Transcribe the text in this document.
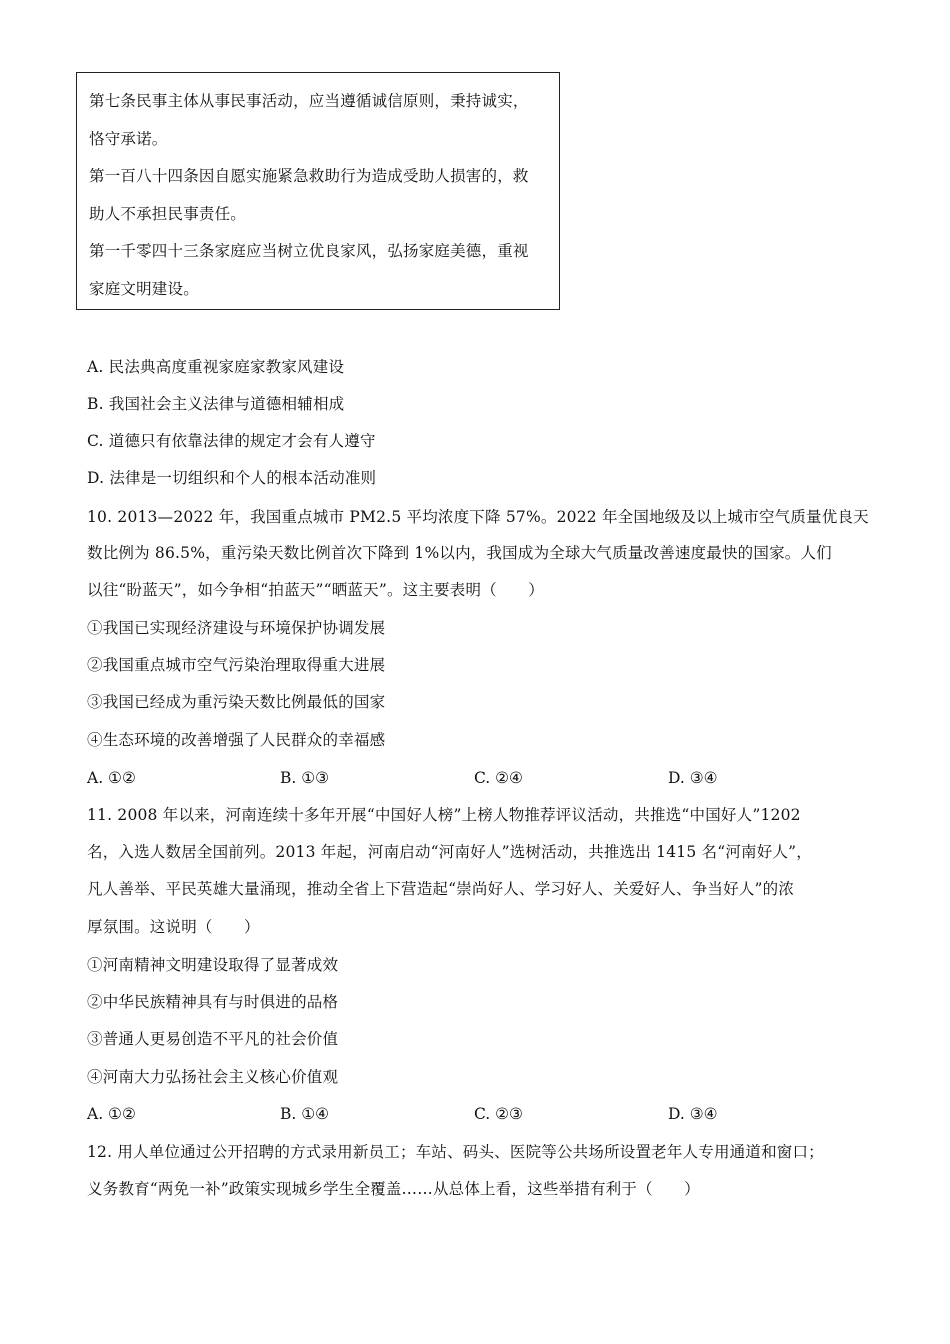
第七条民事主体从事民事活动，应当遵循诚信原则，秉持诚实，
恪守承诺。
第一百八十四条因自愿实施紧急救助行为造成受助人损害的，救
助人不承担民事责任。
第一千零四十三条家庭应当树立优良家风，弘扬家庭美德，重视
家庭文明建设。
A. 民法典高度重视家庭家教家风建设
B. 我国社会主义法律与道德相辅相成
C. 道德只有依靠法律的规定才会有人遵守
D. 法律是一切组织和个人的根本活动准则
10. 2013—2022 年，我国重点城市 PM2.5 平均浓度下降 57%。2022 年全国地级及以上城市空气质量优良天
数比例为 86.5%，重污染天数比例首次下降到 1%以内，我国成为全球大气质量改善速度最快的国家。人们
以往“盼蓝天”，如今争相“拍蓝天”“晒蓝天”。这主要表明（　　）
①我国已实现经济建设与环境保护协调发展
②我国重点城市空气污染治理取得重大进展
③我国已经成为重污染天数比例最低的国家
④生态环境的改善增强了人民群众的幸福感
A. ①②	B. ①③	C. ②④	D. ③④
11. 2008 年以来，河南连续十多年开展“中国好人榜”上榜人物推荐评议活动，共推选“中国好人”1202
名，入选人数居全国前列。2013 年起，河南启动“河南好人”选树活动，共推选出 1415 名“河南好人”，
凡人善举、平民英雄大量涌现，推动全省上下营造起“崇尚好人、学习好人、关爱好人、争当好人”的浓
厚氛围。这说明（　　）
①河南精神文明建设取得了显著成效
②中华民族精神具有与时俱进的品格
③普通人更易创造不平凡的社会价值
④河南大力弘扬社会主义核心价值观
A. ①②	B. ①④	C. ②③	D. ③④
12. 用人单位通过公开招聘的方式录用新员工；车站、码头、医院等公共场所设置老年人专用通道和窗口；
义务教育“两免一补”政策实现城乡学生全覆盖……从总体上看，这些举措有利于（　　）
